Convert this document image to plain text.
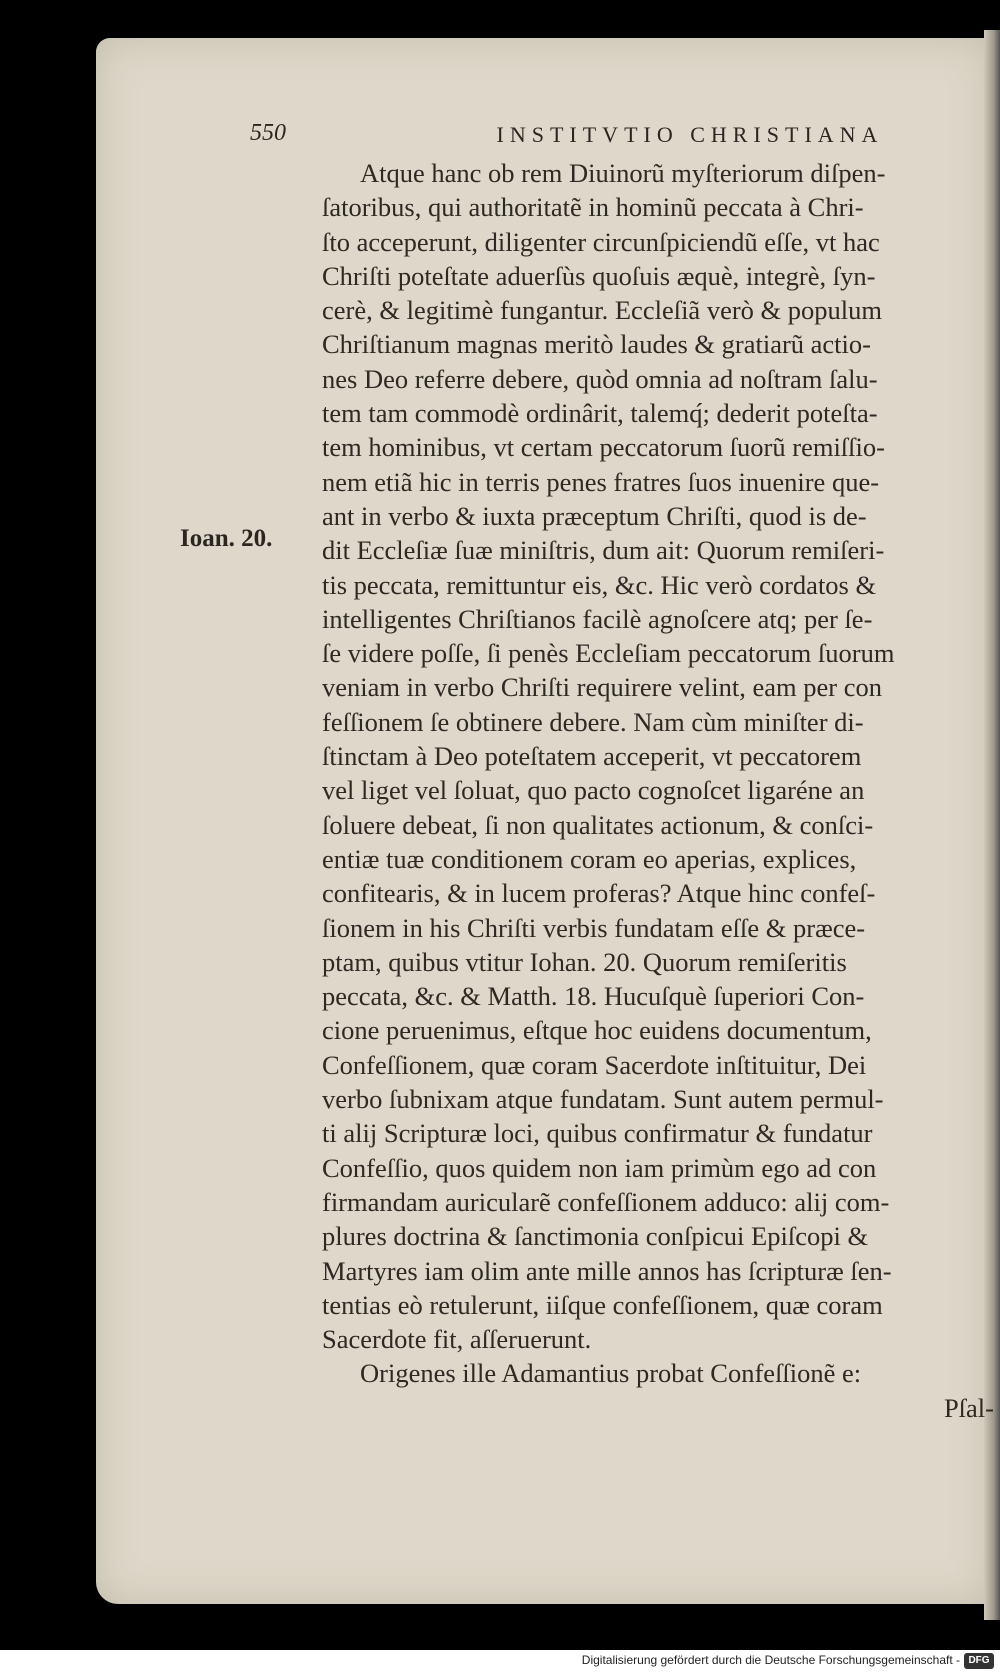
550	INSTITVTIO CHRISTIANA
Ioan. 20.
Atque hanc ob rem Diuinorũ myſteriorum diſpen-
ſatoribus, qui authoritatẽ in hominũ peccata à Chri-
ſto acceperunt, diligenter circunſpiciendũ eſſe, vt hac
Chriſti poteſtate aduerſùs quoſuis æquè, integrè, ſyn-
cerè, & legitimè fungantur. Eccleſiã verò & populum
Chriſtianum magnas meritò laudes & gratiarũ actio-
nes Deo referre debere, quòd omnia ad noſtram ſalu-
tem tam commodè ordinârit, talemq́; dederit poteſta-
tem hominibus, vt certam peccatorum ſuorũ remiſſio-
nem etiã hic in terris penes fratres ſuos inuenire que-
ant in verbo & iuxta præceptum Chriſti, quod is de-
dit Eccleſiæ ſuæ miniſtris, dum ait: Quorum remiſeri-
tis peccata, remittuntur eis, &c. Hic verò cordatos &
intelligentes Chriſtianos facilè agnoſcere atq; per ſe-
ſe videre poſſe, ſi penès Eccleſiam peccatorum ſuorum
veniam in verbo Chriſti requirere velint, eam per con
feſſionem ſe obtinere debere. Nam cùm miniſter di-
ſtinctam à Deo poteſtatem acceperit, vt peccatorem
vel liget vel ſoluat, quo pacto cognoſcet ligaréne an
ſoluere debeat, ſi non qualitates actionum, & conſci-
entiæ tuæ conditionem coram eo aperias, explices,
confitearis, & in lucem proferas? Atque hinc confeſ-
ſionem in his Chriſti verbis fundatam eſſe & præce-
ptam, quibus vtitur Iohan. 20. Quorum remiſeritis
peccata, &c. & Matth. 18. Hucuſquè ſuperiori Con-
cione peruenimus, eſtque hoc euidens documentum,
Confeſſionem, quæ coram Sacerdote inſtituitur, Dei
verbo ſubnixam atque fundatam. Sunt autem permul-
ti alij Scripturæ loci, quibus confirmatur & fundatur
Confeſſio, quos quidem non iam primùm ego ad con
firmandam auricularẽ confeſſionem adduco: alij com-
plures doctrina & ſanctimonia conſpicui Epiſcopi &
Martyres iam olim ante mille annos has ſcripturæ ſen-
tentias eò retulerunt, iiſque confeſſionem, quæ coram
Sacerdote fit, aſſeruerunt.
Origenes ille Adamantius probat Confeſſionẽ e:
Pſal-
Digitalisierung gefördert durch die Deutsche Forschungsgemeinschaft - DFG
